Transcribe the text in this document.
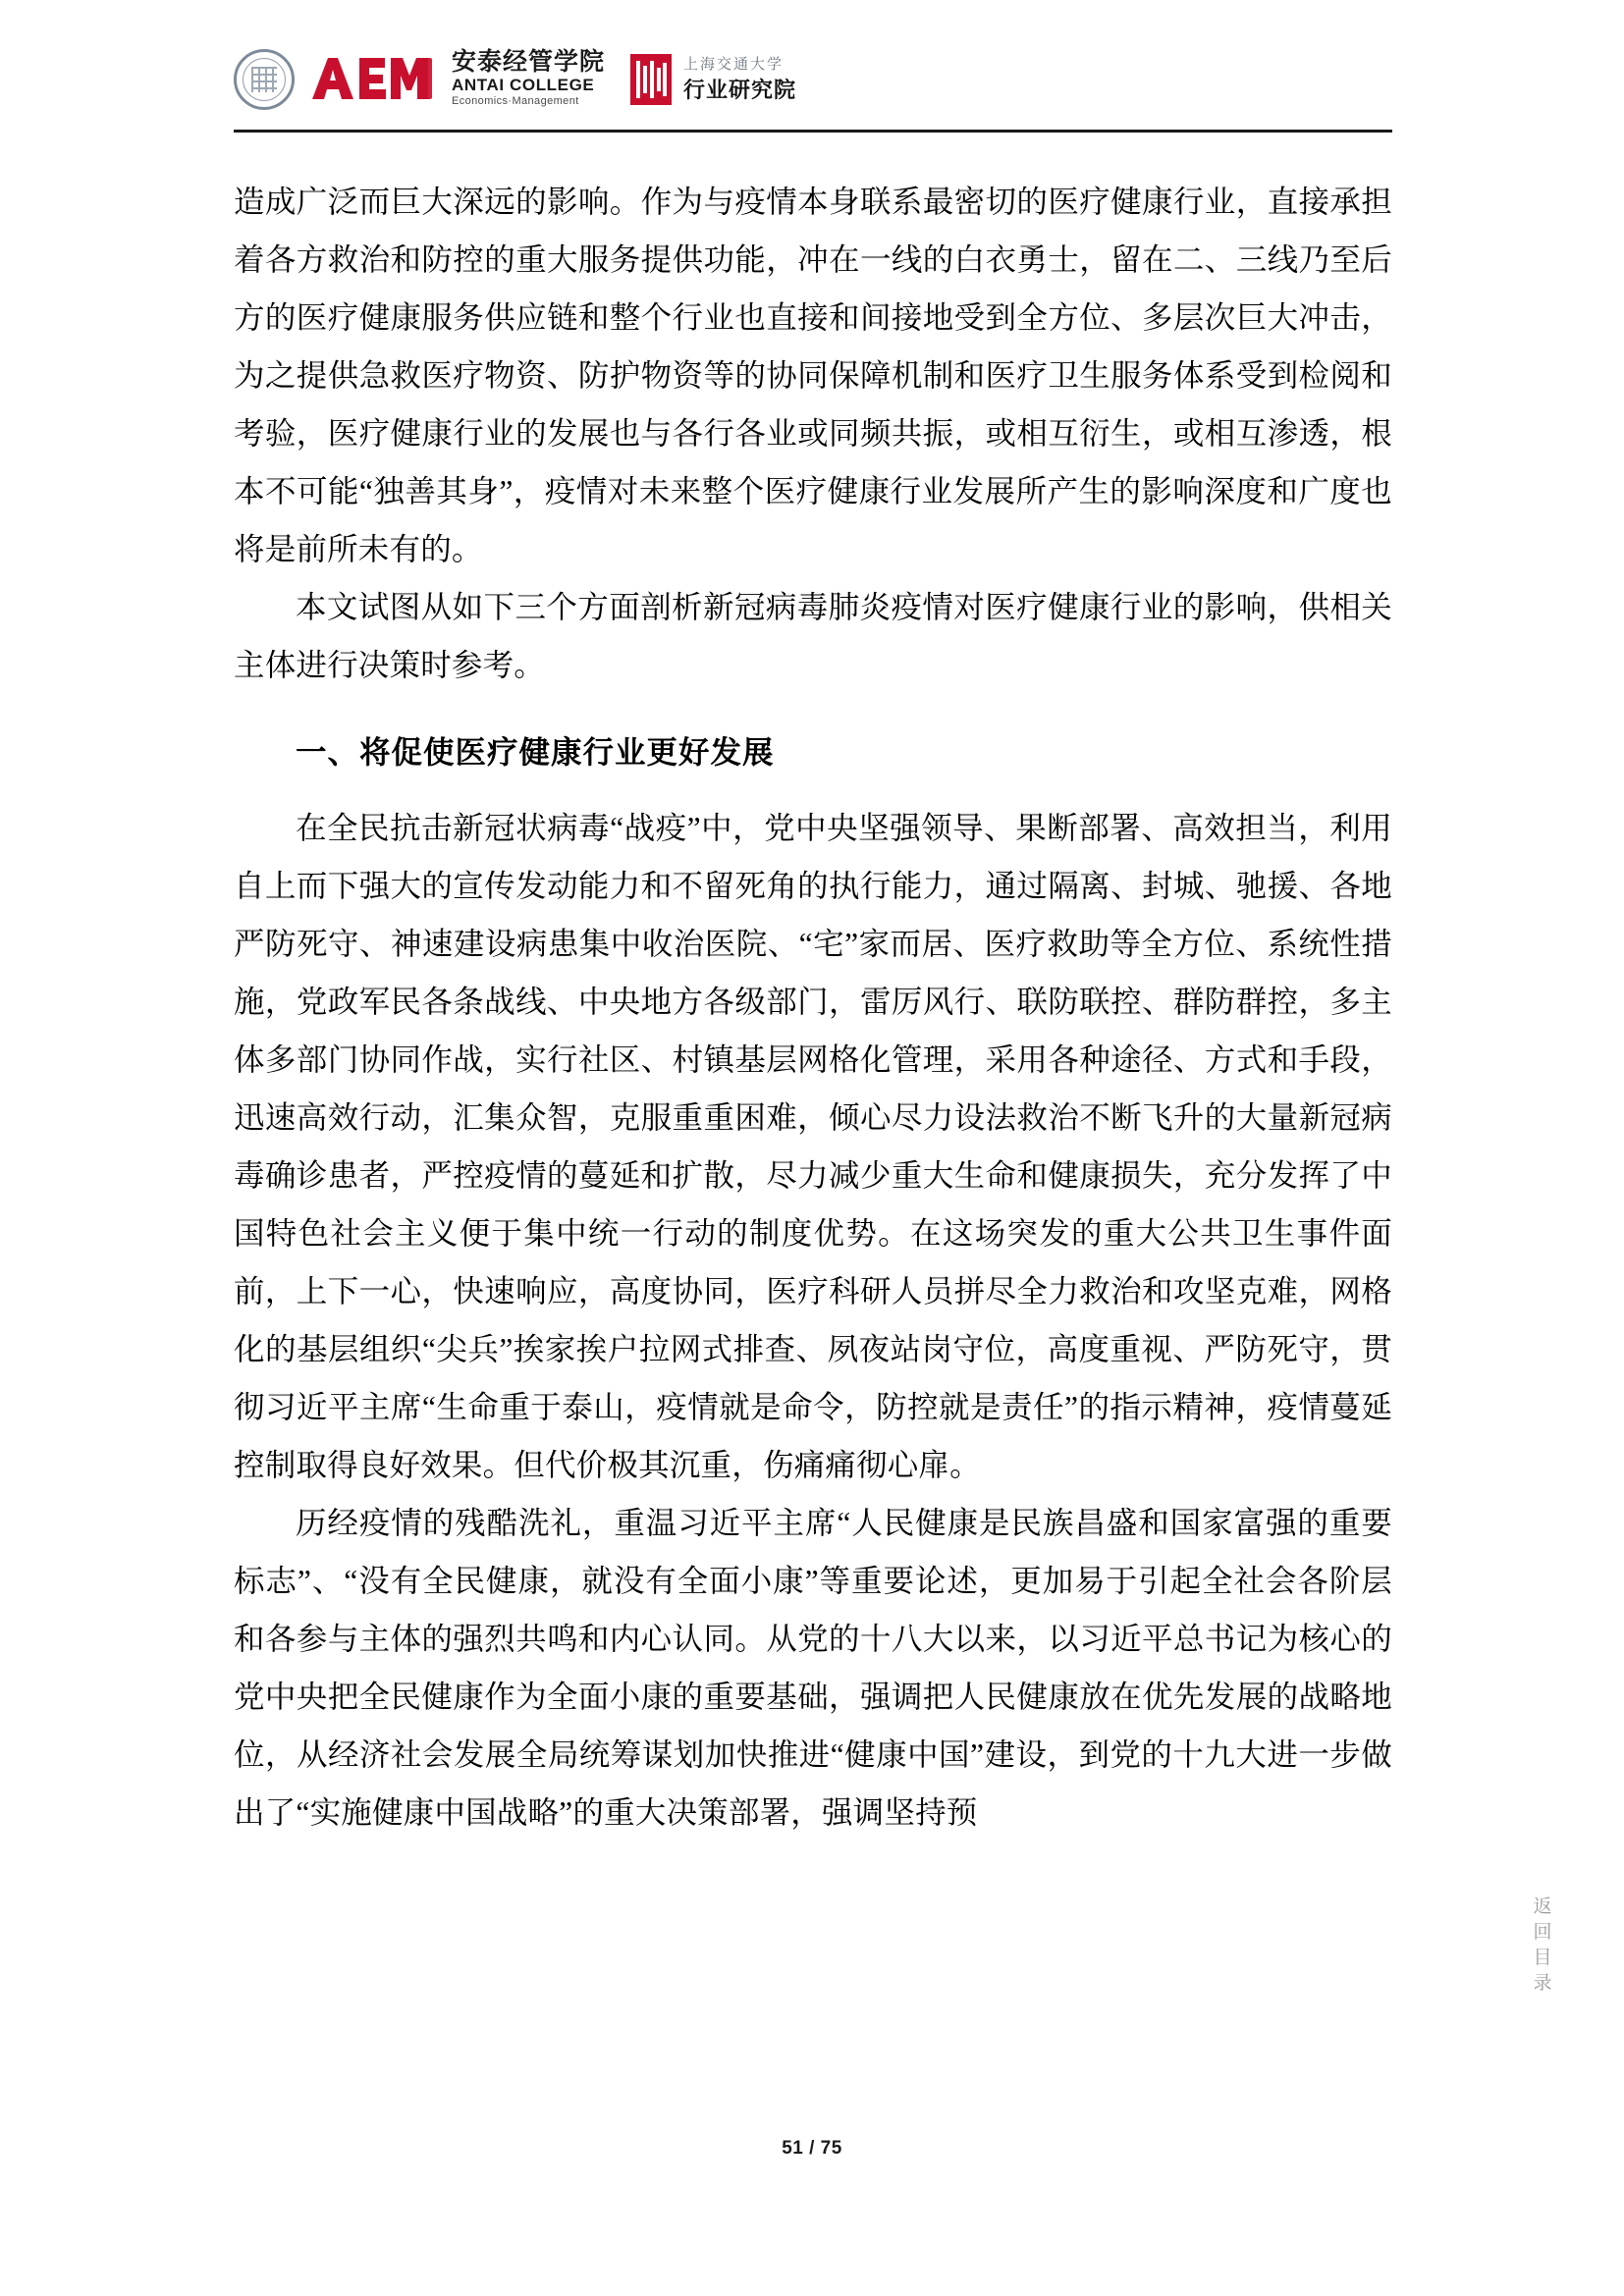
安泰经管学院
ANTAI COLLEGE
Economics·Management
上海交通大学
行业研究院

造成广泛而巨大深远的影响。作为与疫情本身联系最密切的医疗健康行业，直接承担着各方救治和防控的重大服务提供功能，冲在一线的白衣勇士，留在二、三线乃至后方的医疗健康服务供应链和整个行业也直接和间接地受到全方位、多层次巨大冲击，为之提供急救医疗物资、防护物资等的协同保障机制和医疗卫生服务体系受到检阅和考验，医疗健康行业的发展也与各行各业或同频共振，或相互衍生，或相互渗透，根本不可能“独善其身”，疫情对未来整个医疗健康行业发展所产生的影响深度和广度也将是前所未有的。

本文试图从如下三个方面剖析新冠病毒肺炎疫情对医疗健康行业的影响，供相关主体进行决策时参考。

一、将促使医疗健康行业更好发展

在全民抗击新冠状病毒“战疫”中，党中央坚强领导、果断部署、高效担当，利用自上而下强大的宣传发动能力和不留死角的执行能力，通过隔离、封城、驰援、各地严防死守、神速建设病患集中收治医院、“宅”家而居、医疗救助等全方位、系统性措施，党政军民各条战线、中央地方各级部门，雷厉风行、联防联控、群防群控，多主体多部门协同作战，实行社区、村镇基层网格化管理，采用各种途径、方式和手段，迅速高效行动，汇集众智，克服重重困难，倾心尽力设法救治不断飞升的大量新冠病毒确诊患者，严控疫情的蔓延和扩散，尽力减少重大生命和健康损失，充分发挥了中国特色社会主义便于集中统一行动的制度优势。在这场突发的重大公共卫生事件面前，上下一心，快速响应，高度协同，医疗科研人员拼尽全力救治和攻坚克难，网格化的基层组织“尖兵”挨家挨户拉网式排查、夙夜站岗守位，高度重视、严防死守，贯彻习近平主席“生命重于泰山，疫情就是命令，防控就是责任”的指示精神，疫情蔓延控制取得良好效果。但代价极其沉重，伤痛痛彻心扉。

历经疫情的残酷洗礼，重温习近平主席“人民健康是民族昌盛和国家富强的重要标志”、“没有全民健康，就没有全面小康”等重要论述，更加易于引起全社会各阶层和各参与主体的强烈共鸣和内心认同。从党的十八大以来，以习近平总书记为核心的党中央把全民健康作为全面小康的重要基础，强调把人民健康放在优先发展的战略地位，从经济社会发展全局统筹谋划加快推进“健康中国”建设，到党的十九大进一步做出了“实施健康中国战略”的重大决策部署，强调坚持预

返
回
目
录
51 / 75
